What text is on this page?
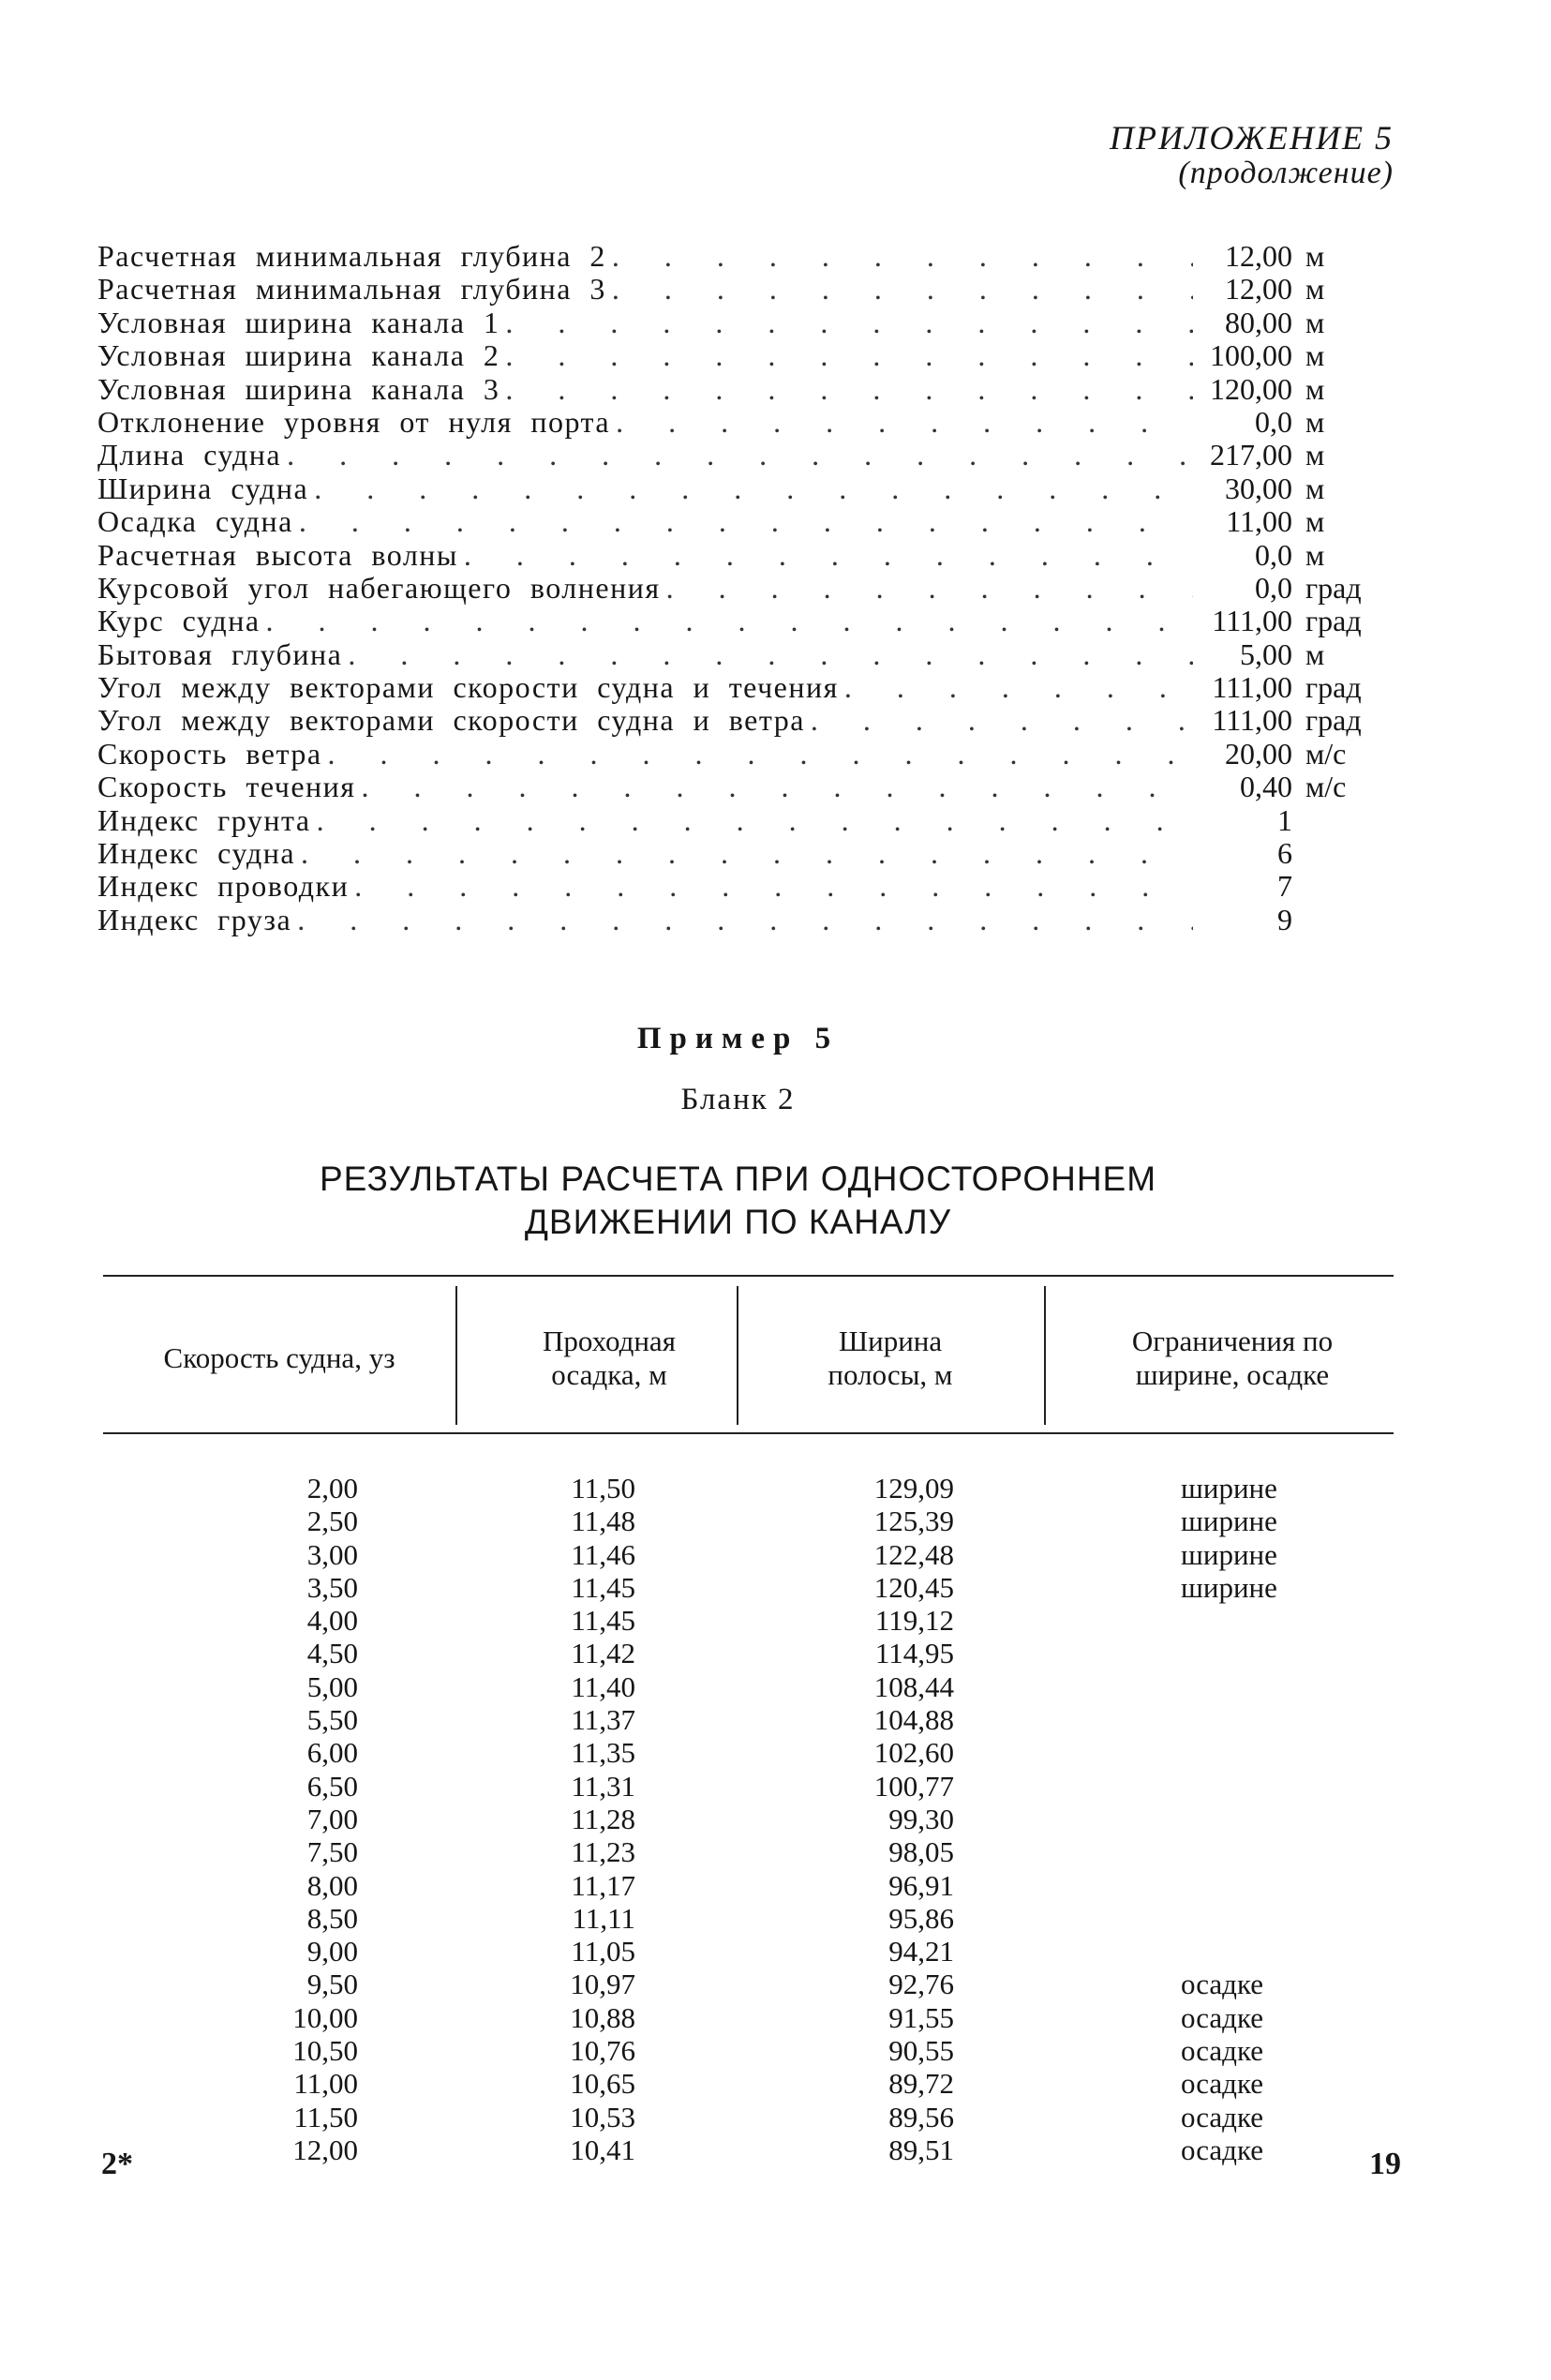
ПРИЛОЖЕНИЕ 5
(продолжение)
Расчетная минимальная глубина 2 . . .	12,00 м
Расчетная минимальная глубина 3 . . .	12,00 м
Условная ширина канала 1 . . .	80,00 м
Условная ширина канала 2 . . .	100,00 м
Условная ширина канала 3 . . .	120,00 м
Отклонение уровня от нуля порта . . .	0,0 м
Длина судна . . .	217,00 м
Ширина судна . . .	30,00 м
Осадка судна . . .	11,00 м
Расчетная высота волны . . .	0,0 м
Курсовой угол набегающего волнения . . .	0,0 град
Курс судна . . .	111,00 град
Бытовая глубина . . .	5,00 м
Угол между векторами скорости судна и течения . . .	111,00 град
Угол между векторами скорости судна и ветра . . .	111,00 град
Скорость ветра . . .	20,00 м/с
Скорость течения . . .	0,40 м/с
Индекс грунта . . .	1
Индекс судна . . .	6
Индекс проводки . . .	7
Индекс груза . . .	9
Пример 5
Бланк 2
РЕЗУЛЬТАТЫ РАСЧЕТА ПРИ ОДНОСТОРОННЕМ
ДВИЖЕНИИ ПО КАНАЛУ
Скорость судна, уз
Проходная осадка, м
Ширина полосы, м
Ограничения по ширине, осадке
2,00	11,50	129,09	ширине
2,50	11,48	125,39	ширине
3,00	11,46	122,48	ширине
3,50	11,45	120,45	ширине
4,00	11,45	119,12
4,50	11,42	114,95
5,00	11,40	108,44
5,50	11,37	104,88
6,00	11,35	102,60
6,50	11,31	100,77
7,00	11,28	99,30
7,50	11,23	98,05
8,00	11,17	96,91
8,50	11,11	95,86
9,00	11,05	94,21
9,50	10,97	92,76	осадке
10,00	10,88	91,55	осадке
10,50	10,76	90,55	осадке
11,00	10,65	89,72	осадке
11,50	10,53	89,56	осадке
12,00	10,41	89,51	осадке
2*	19
